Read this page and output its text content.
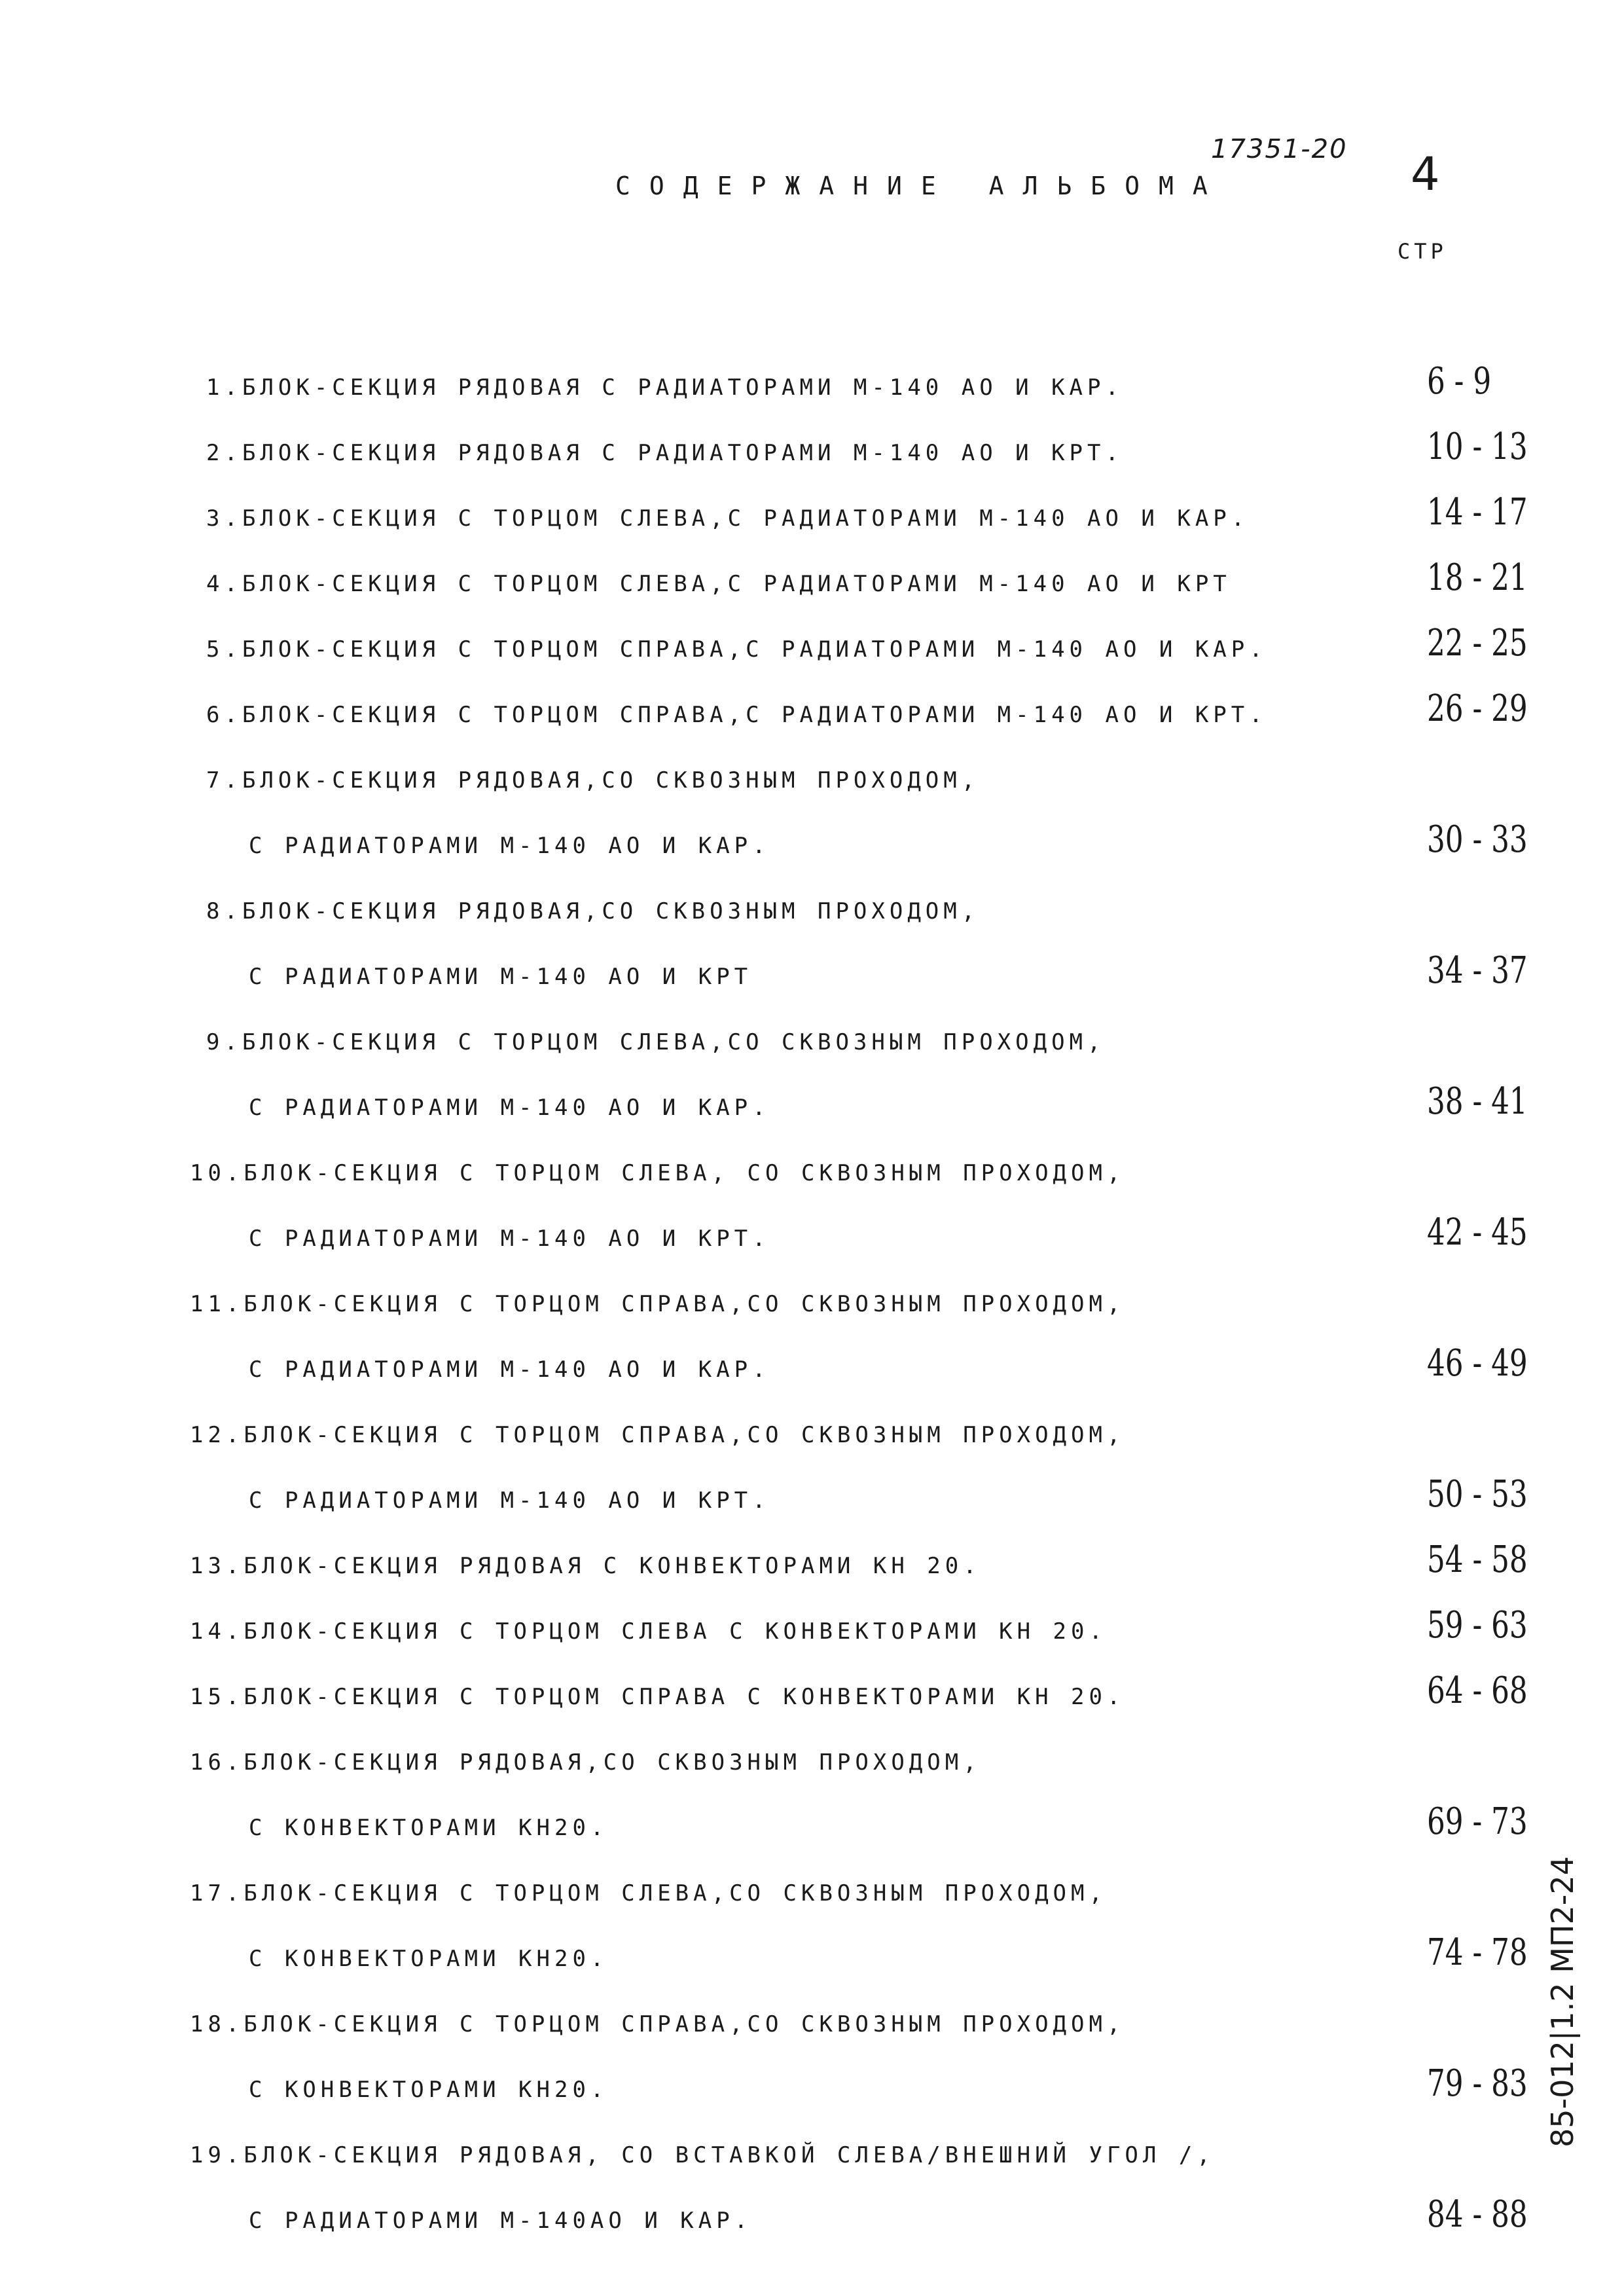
17351-20 4
СОДЕРЖАНИЕ АЛЬБОМА
СТР
1.БЛОК-СЕКЦИЯ РЯДОВАЯ С РАДИАТОРАМИ М-140 АО И КАР.	6 - 9
2.БЛОК-СЕКЦИЯ РЯДОВАЯ С РАДИАТОРАМИ М-140 АО И КРТ.	10 - 13
3.БЛОК-СЕКЦИЯ С ТОРЦОМ СЛЕВА,С РАДИАТОРАМИ М-140 АО И КАР.	14 - 17
4.БЛОК-СЕКЦИЯ С ТОРЦОМ СЛЕВА,С РАДИАТОРАМИ М-140 АО И КРТ	18 - 21
5.БЛОК-СЕКЦИЯ С ТОРЦОМ СПРАВА,С РАДИАТОРАМИ М-140 АО И КАР.	22 - 25
6.БЛОК-СЕКЦИЯ С ТОРЦОМ СПРАВА,С РАДИАТОРАМИ М-140 АО И КРТ.	26 - 29
7.БЛОК-СЕКЦИЯ РЯДОВАЯ,СО СКВОЗНЫМ ПРОХОДОМ,
С РАДИАТОРАМИ М-140 АО И КАР.	30 - 33
8.БЛОК-СЕКЦИЯ РЯДОВАЯ,СО СКВОЗНЫМ ПРОХОДОМ,
С РАДИАТОРАМИ М-140 АО И КРТ	34 - 37
9.БЛОК-СЕКЦИЯ С ТОРЦОМ СЛЕВА,СО СКВОЗНЫМ ПРОХОДОМ,
С РАДИАТОРАМИ М-140 АО И КАР.	38 - 41
10.БЛОК-СЕКЦИЯ С ТОРЦОМ СЛЕВА, СО СКВОЗНЫМ ПРОХОДОМ,
С РАДИАТОРАМИ М-140 АО И КРТ.	42 - 45
11.БЛОК-СЕКЦИЯ С ТОРЦОМ СПРАВА,СО СКВОЗНЫМ ПРОХОДОМ,
С РАДИАТОРАМИ М-140 АО И КАР.	46 - 49
12.БЛОК-СЕКЦИЯ С ТОРЦОМ СПРАВА,СО СКВОЗНЫМ ПРОХОДОМ,
С РАДИАТОРАМИ М-140 АО И КРТ.	50 - 53
13.БЛОК-СЕКЦИЯ РЯДОВАЯ С КОНВЕКТОРАМИ КН 20.	54 - 58
14.БЛОК-СЕКЦИЯ С ТОРЦОМ СЛЕВА С КОНВЕКТОРАМИ КН 20.	59 - 63
15.БЛОК-СЕКЦИЯ С ТОРЦОМ СПРАВА С КОНВЕКТОРАМИ КН 20.	64 - 68
16.БЛОК-СЕКЦИЯ РЯДОВАЯ,СО СКВОЗНЫМ ПРОХОДОМ,
С КОНВЕКТОРАМИ КН20.	69 - 73
17.БЛОК-СЕКЦИЯ С ТОРЦОМ СЛЕВА,СО СКВОЗНЫМ ПРОХОДОМ,
С КОНВЕКТОРАМИ КН20.	74 - 78
18.БЛОК-СЕКЦИЯ С ТОРЦОМ СПРАВА,СО СКВОЗНЫМ ПРОХОДОМ,
С КОНВЕКТОРАМИ КН20.	79 - 83
19.БЛОК-СЕКЦИЯ РЯДОВАЯ, СО ВСТАВКОЙ СЛЕВА/ВНЕШНИЙ УГОЛ /,
С РАДИАТОРАМИ М-140АО И КАР.	84 - 88
85-012|1.2 МП2-24
